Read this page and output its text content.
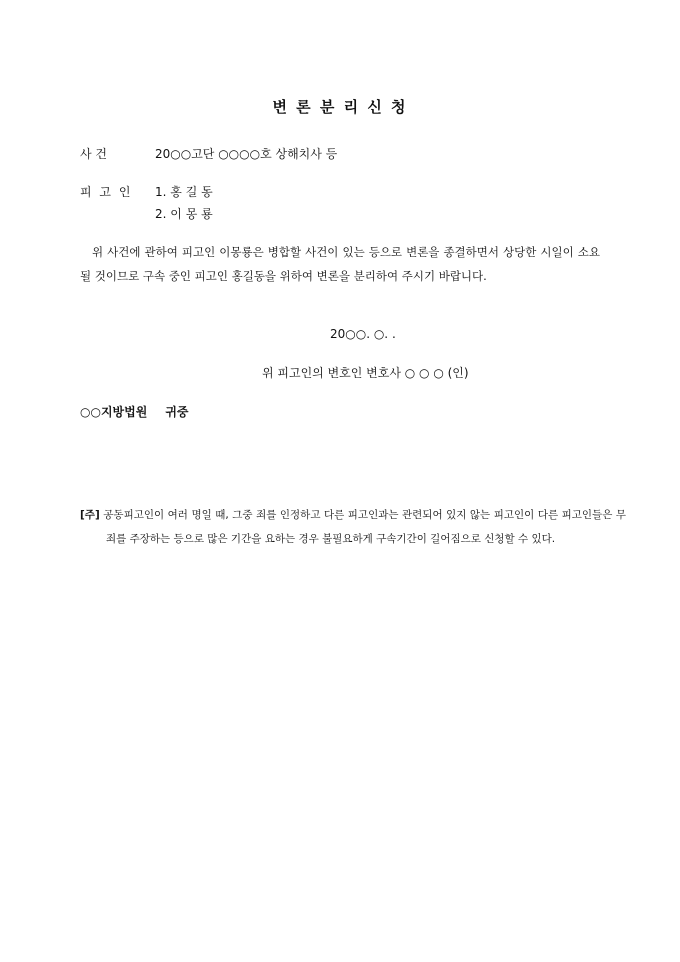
변 론 분 리 신 청
사 건	20○○고단 ○○○○호 상해치사 등
피 고 인 1. 홍 길 동
2. 이 몽 룡
위 사건에 관하여 피고인 이몽룡은 병합할 사건이 있는 등으로 변론을 종결하면서 상당한 시일이 소요될 것이므로 구속 중인 피고인 홍길동을 위하여 변론을 분리하여 주시기 바랍니다.
20○○. ○. .
위 피고인의 변호인 변호사 ○ ○ ○ (인)
○○지방법원 귀중
[주] 공동피고인이 여러 명일 때, 그중 죄를 인정하고 다른 피고인과는 관련되어 있지 않는 피고인이 다른 피고인들은 무죄를 주장하는 등으로 많은 기간을 요하는 경우 불필요하게 구속기간이 길어짐으로 신청할 수 있다.
